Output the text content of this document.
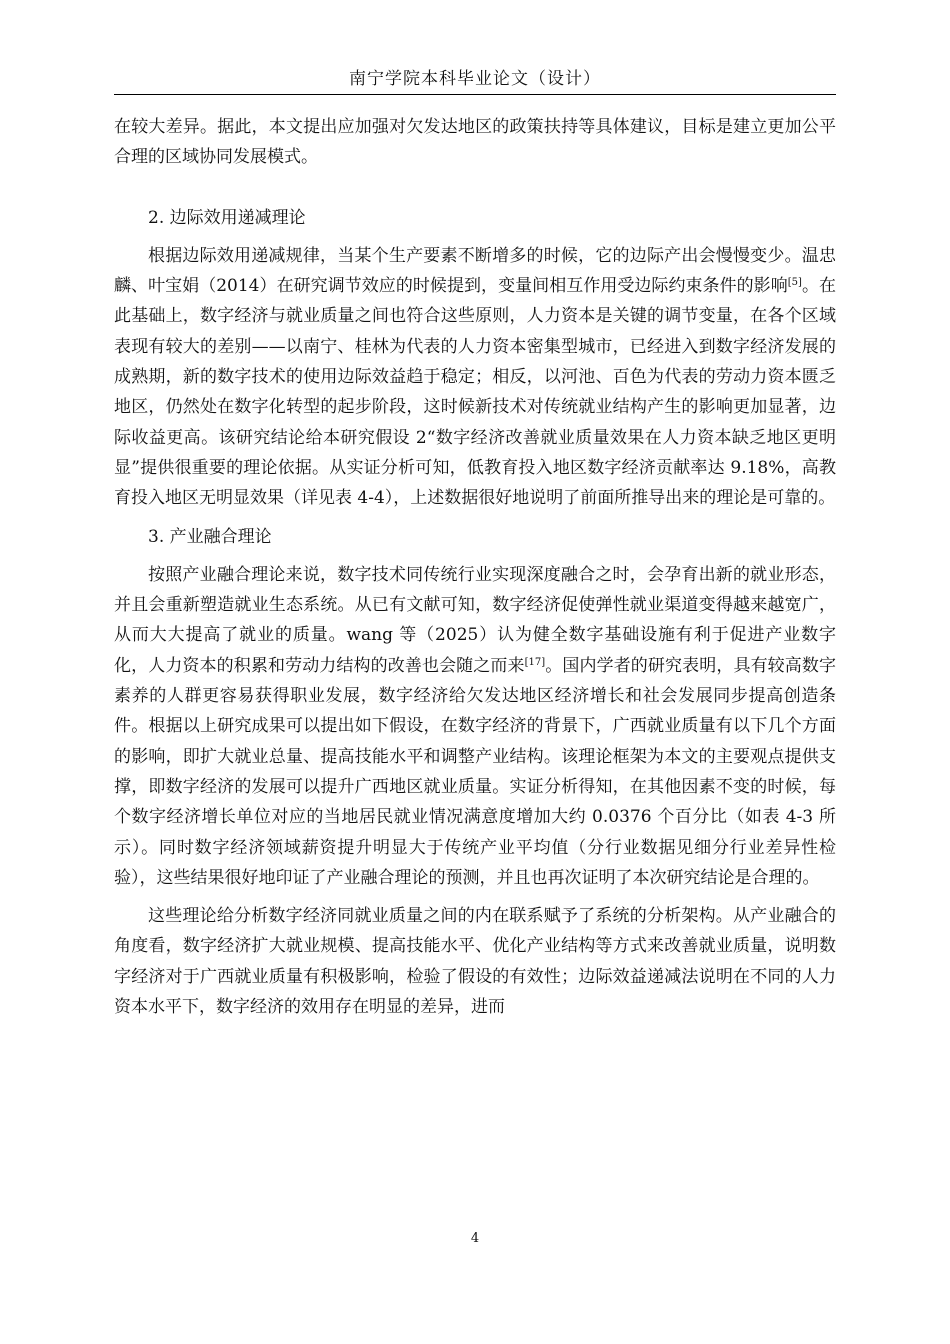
南宁学院本科毕业论文（设计）

在较大差异。据此，本文提出应加强对欠发达地区的政策扶持等具体建议，目标是建立更加公平合理的区域协同发展模式。

2. 边际效用递减理论

根据边际效用递减规律，当某个生产要素不断增多的时候，它的边际产出会慢慢变少。温忠麟、叶宝娟（2014）在研究调节效应的时候提到，变量间相互作用受边际约束条件的影响[5]。在此基础上，数字经济与就业质量之间也符合这些原则，人力资本是关键的调节变量，在各个区域表现有较大的差别——以南宁、桂林为代表的人力资本密集型城市，已经进入到数字经济发展的成熟期，新的数字技术的使用边际效益趋于稳定；相反，以河池、百色为代表的劳动力资本匮乏地区，仍然处在数字化转型的起步阶段，这时候新技术对传统就业结构产生的影响更加显著，边际收益更高。该研究结论给本研究假设 2“数字经济改善就业质量效果在人力资本缺乏地区更明显”提供很重要的理论依据。从实证分析可知，低教育投入地区数字经济贡献率达 9.18%，高教育投入地区无明显效果（详见表 4-4），上述数据很好地说明了前面所推导出来的理论是可靠的。

3. 产业融合理论

按照产业融合理论来说，数字技术同传统行业实现深度融合之时，会孕育出新的就业形态，并且会重新塑造就业生态系统。从已有文献可知，数字经济促使弹性就业渠道变得越来越宽广，从而大大提高了就业的质量。wang 等（2025）认为健全数字基础设施有利于促进产业数字化，人力资本的积累和劳动力结构的改善也会随之而来[17]。国内学者的研究表明，具有较高数字素养的人群更容易获得职业发展，数字经济给欠发达地区经济增长和社会发展同步提高创造条件。根据以上研究成果可以提出如下假设，在数字经济的背景下，广西就业质量有以下几个方面的影响，即扩大就业总量、提高技能水平和调整产业结构。该理论框架为本文的主要观点提供支撑，即数字经济的发展可以提升广西地区就业质量。实证分析得知，在其他因素不变的时候，每个数字经济增长单位对应的当地居民就业情况满意度增加大约 0.0376 个百分比（如表 4-3 所示）。同时数字经济领域薪资提升明显大于传统产业平均值（分行业数据见细分行业差异性检验），这些结果很好地印证了产业融合理论的预测，并且也再次证明了本次研究结论是合理的。

这些理论给分析数字经济同就业质量之间的内在联系赋予了系统的分析架构。从产业融合的角度看，数字经济扩大就业规模、提高技能水平、优化产业结构等方式来改善就业质量，说明数字经济对于广西就业质量有积极影响，检验了假设的有效性；边际效益递减法说明在不同的人力资本水平下，数字经济的效用存在明显的差异，进而

4
